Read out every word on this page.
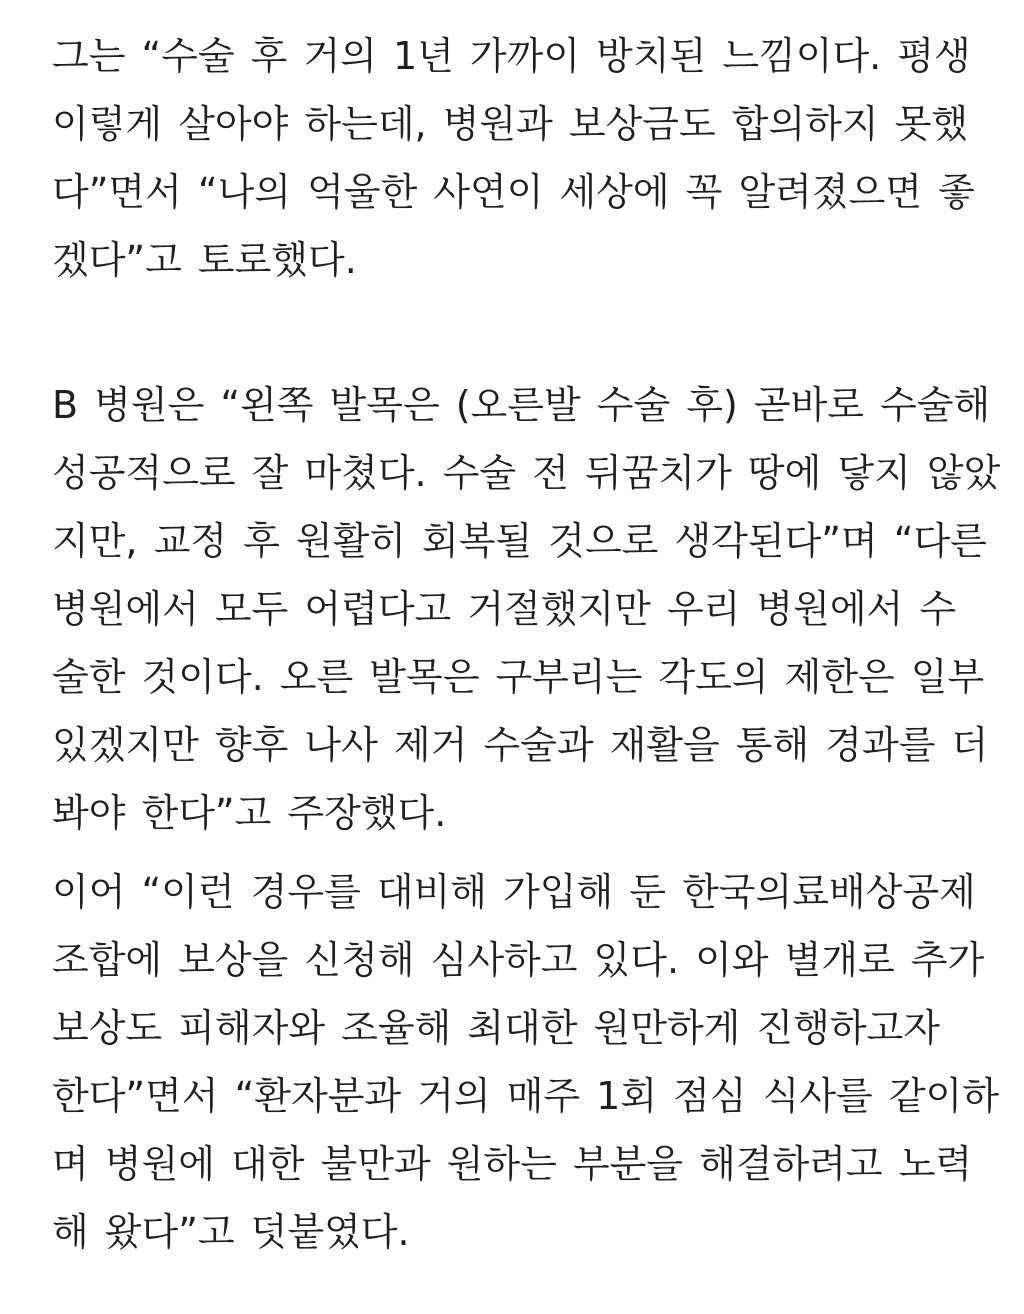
그는 “수술 후 거의 1년 가까이 방치된 느낌이다. 평생
이렇게 살아야 하는데, 병원과 보상금도 합의하지 못했
다”면서 “나의 억울한 사연이 세상에 꼭 알려졌으면 좋
겠다”고 토로했다.
B 병원은 “왼쪽 발목은 (오른발 수술 후) 곧바로 수술해
성공적으로 잘 마쳤다. 수술 전 뒤꿈치가 땅에 닿지 않았
지만, 교정 후 원활히 회복될 것으로 생각된다”며 “다른
병원에서 모두 어렵다고 거절했지만 우리 병원에서 수
술한 것이다. 오른 발목은 구부리는 각도의 제한은 일부
있겠지만 향후 나사 제거 수술과 재활을 통해 경과를 더
봐야 한다”고 주장했다.
이어 “이런 경우를 대비해 가입해 둔 한국의료배상공제
조합에 보상을 신청해 심사하고 있다. 이와 별개로 추가
보상도 피해자와 조율해 최대한 원만하게 진행하고자
한다”면서 “환자분과 거의 매주 1회 점심 식사를 같이하
며 병원에 대한 불만과 원하는 부분을 해결하려고 노력
해 왔다”고 덧붙였다.
